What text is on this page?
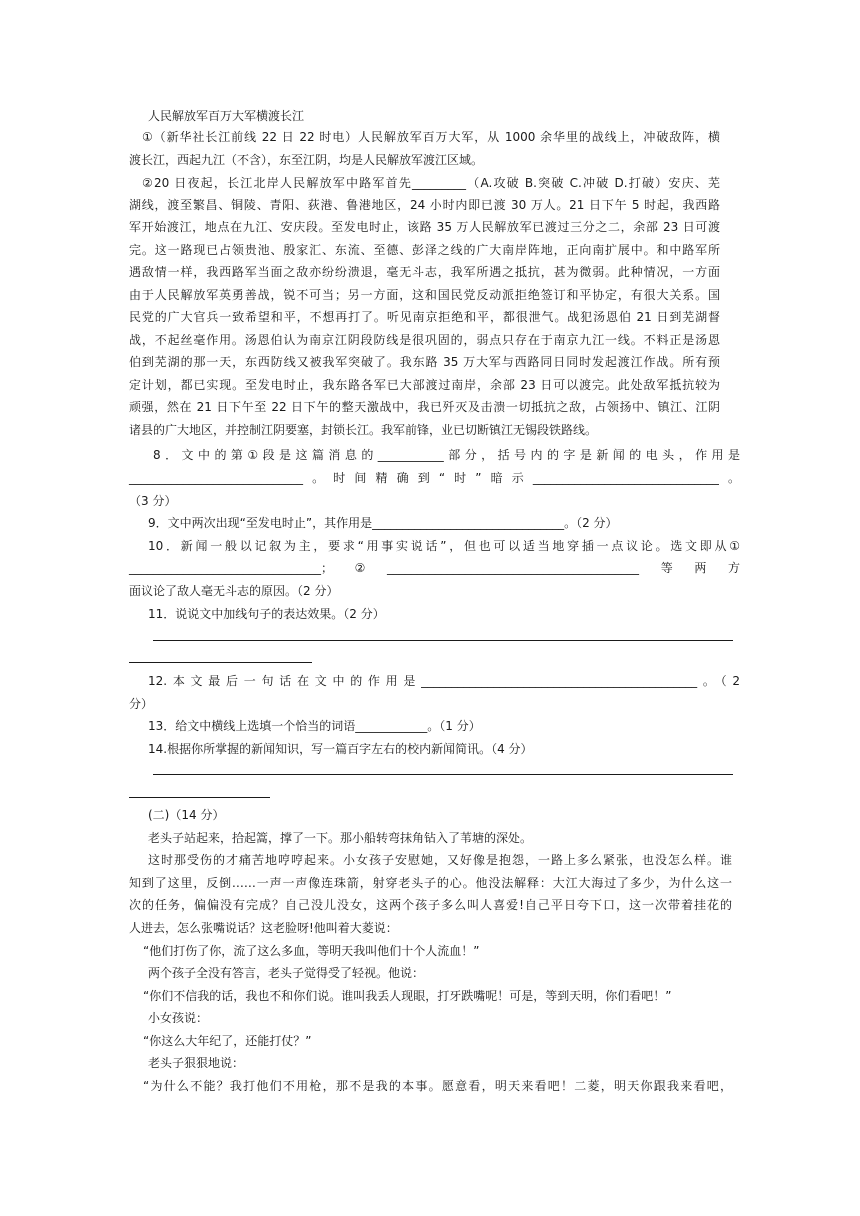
人民解放军百万大军横渡长江
①（新华社长江前线 22 日 22 时电）人民解放军百万大军，从 1000 余华里的战线上，冲破敌阵，横
渡长江，西起九江（不含），东至江阴，均是人民解放军渡江区域。
②20 日夜起，长江北岸人民解放军中路军首先_________（A.攻破 B.突破 C.冲破 D.打破）安庆、芜
湖线，渡至繁昌、铜陵、青阳、荻港、鲁港地区，24 小时内即已渡 30 万人。21 日下午 5 时起，我西路
军开始渡江，地点在九江、安庆段。至发电时止，该路 35 万人民解放军已渡过三分之二，余部 23 日可渡
完。这一路现已占领贵池、殷家汇、东流、至德、彭泽之线的广大南岸阵地，正向南扩展中。和中路军所
遇敌情一样，我西路军当面之敌亦纷纷溃退，毫无斗志，我军所遇之抵抗，甚为微弱。此种情况，一方面
由于人民解放军英勇善战，锐不可当；另一方面，这和国民党反动派拒绝签订和平协定，有很大关系。国
民党的广大官兵一致希望和平，不想再打了。听见南京拒绝和平，都很泄气。战犯汤恩伯 21 日到芜湖督
战，不起丝毫作用。汤恩伯认为南京江阴段防线是很巩固的，弱点只存在于南京九江一线。不料正是汤恩
伯到芜湖的那一天，东西防线又被我军突破了。我东路 35 万大军与西路同日同时发起渡江作战。所有预
定计划，都已实现。至发电时止，我东路各军已大部渡过南岸，余部 23 日可以渡完。此处敌军抵抗较为
顽强，然在 21 日下午至 22 日下午的整天激战中，我已歼灭及击溃一切抵抗之敌，占领扬中、镇江、江阴
诸县的广大地区，并控制江阴要塞，封锁长江。我军前锋，业已切断镇江无锡段铁路线。
8．文中的第①段是这篇消息的___________部分，括号内的字是新闻的电头，作用是
_____________________________。时间精确到“时”暗示_______________________________。
（3 分）
9．文中两次出现“至发电时止”，其作用是________________________________。（2 分）
10．新闻一般以记叙为主，要求“用事实说话”，但也可以适当地穿插一点议论。选文即从①
________________________________；②__________________________________________等两方
面议论了敌人毫无斗志的原因。（2 分）
11．说说文中加线句子的表达效果。（2 分）
12.本文最后一句话在文中的作用是______________________________________________。（2
分）
13．给文中横线上选填一个恰当的词语____________。（1 分）
14.根据你所掌握的新闻知识，写一篇百字左右的校内新闻简讯。（4 分）
(二)（14 分）
老头子站起来，拾起篙，撑了一下。那小船转弯抹角钻入了苇塘的深处。
这时那受伤的才痛苦地哼哼起来。小女孩子安慰她，又好像是抱怨，一路上多么紧张，也没怎么样。谁
知到了这里，反倒……一声一声像连珠箭，射穿老头子的心。他没法解释：大江大海过了多少，为什么这一
次的任务，偏偏没有完成？自己没儿没女，这两个孩子多么叫人喜爱!自己平日夸下口，这一次带着挂花的
人进去，怎么张嘴说话？这老脸呀!他叫着大菱说：
“他们打伤了你，流了这么多血，等明天我叫他们十个人流血！”
两个孩子全没有答言，老头子觉得受了轻视。他说：
“你们不信我的话，我也不和你们说。谁叫我丢人现眼，打牙跌嘴呢！可是，等到天明，你们看吧！”
小女孩说：
“你这么大年纪了，还能打仗？”
老头子狠狠地说：
“为什么不能？我打他们不用枪，那不是我的本事。愿意看，明天来看吧！二菱，明天你跟我来看吧，
